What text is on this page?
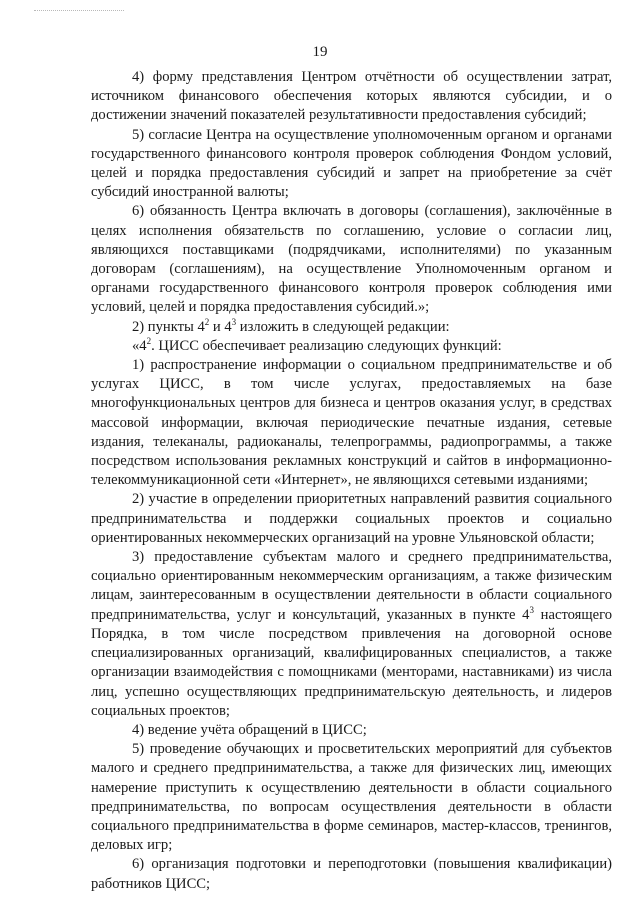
19

4) форму представления Центром отчётности об осуществлении затрат, источником финансового обеспечения которых являются субсидии, и о достижении значений показателей результативности предоставления субсидий;

5) согласие Центра на осуществление уполномоченным органом и органами государственного финансового контроля проверок соблюдения Фондом условий, целей и порядка предоставления субсидий и запрет на приобретение за счёт субсидий иностранной валюты;

6) обязанность Центра включать в договоры (соглашения), заключённые в целях исполнения обязательств по соглашению, условие о согласии лиц, являющихся поставщиками (подрядчиками, исполнителями) по указанным договорам (соглашениям), на осуществление Уполномоченным органом и органами государственного финансового контроля проверок соблюдения ими условий, целей и порядка предоставления субсидий.»;

2) пункты $4^2$ и $4^3$ изложить в следующей редакции:

«$4^2$. ЦИСС обеспечивает реализацию следующих функций:

1) распространение информации о социальном предпринимательстве и об услугах ЦИСС, в том числе услугах, предоставляемых на базе многофункциональных центров для бизнеса и центров оказания услуг, в средствах массовой информации, включая периодические печатные издания, сетевые издания, телеканалы, радиоканалы, телепрограммы, радиопрограммы, а также посредством использования рекламных конструкций и сайтов в информационно-телекоммуникационной сети «Интернет», не являющихся сетевыми изданиями;

2) участие в определении приоритетных направлений развития социального предпринимательства и поддержки социальных проектов и социально ориентированных некоммерческих организаций на уровне Ульяновской области;

3) предоставление субъектам малого и среднего предпринимательства, социально ориентированным некоммерческим организациям, а также физическим лицам, заинтересованным в осуществлении деятельности в области социального предпринимательства, услуг и консультаций, указанных в пункте $4^3$ настоящего Порядка, в том числе посредством привлечения на договорной основе специализированных организаций, квалифицированных специалистов, а также организации взаимодействия с помощниками (менторами, наставниками) из числа лиц, успешно осуществляющих предпринимательскую деятельность, и лидеров социальных проектов;

4) ведение учёта обращений в ЦИСС;

5) проведение обучающих и просветительских мероприятий для субъектов малого и среднего предпринимательства, а также для физических лиц, имеющих намерение приступить к осуществлению деятельности в области социального предпринимательства, по вопросам осуществления деятельности в области социального предпринимательства в форме семинаров, мастер-классов, тренингов, деловых игр;

6) организация подготовки и переподготовки (повышения квалификации) работников ЦИСС;
